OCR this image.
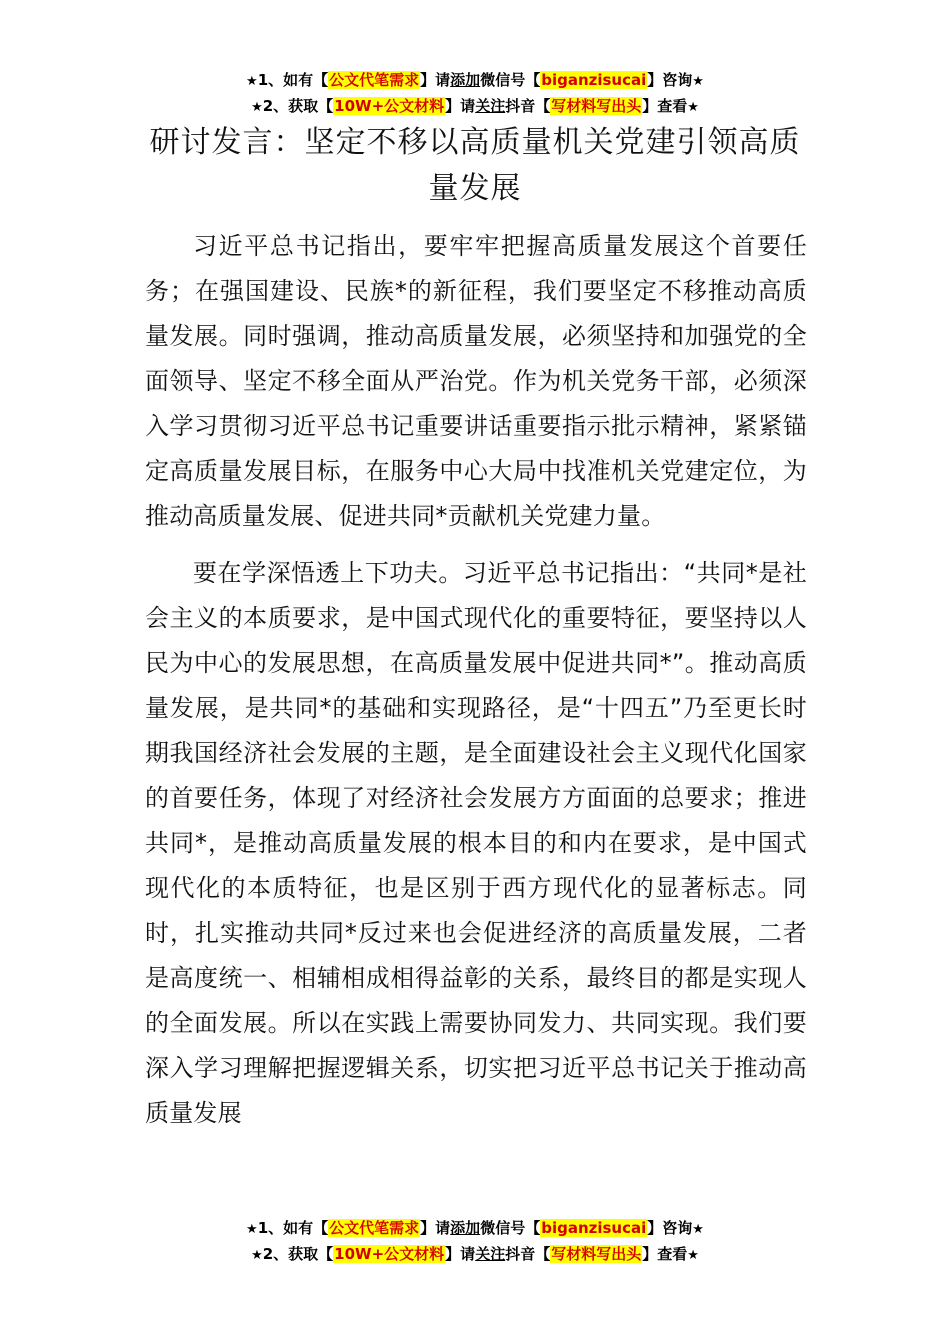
★1、如有【公文代笔需求】请添加微信号【biganzisucai】咨询★
★2、获取【10W+公文材料】请关注抖音【写材料写出头】查看★
研讨发言：坚定不移以高质量机关党建引领高质量发展

习近平总书记指出，要牢牢把握高质量发展这个首要任务；在强国建设、民族*的新征程，我们要坚定不移推动高质量发展。同时强调，推动高质量发展，必须坚持和加强党的全面领导、坚定不移全面从严治党。作为机关党务干部，必须深入学习贯彻习近平总书记重要讲话重要指示批示精神，紧紧锚定高质量发展目标，在服务中心大局中找准机关党建定位，为推动高质量发展、促进共同*贡献机关党建力量。

要在学深悟透上下功夫。习近平总书记指出：“共同*是社会主义的本质要求，是中国式现代化的重要特征，要坚持以人民为中心的发展思想，在高质量发展中促进共同*”。推动高质量发展，是共同*的基础和实现路径，是“十四五”乃至更长时期我国经济社会发展的主题，是全面建设社会主义现代化国家的首要任务，体现了对经济社会发展方方面面的总要求；推进共同*，是推动高质量发展的根本目的和内在要求，是中国式现代化的本质特征，也是区别于西方现代化的显著标志。同时，扎实推动共同*反过来也会促进经济的高质量发展，二者是高度统一、相辅相成相得益彰的关系，最终目的都是实现人的全面发展。所以在实践上需要协同发力、共同实现。我们要深入学习理解把握逻辑关系，切实把习近平总书记关于推动高质量发展

★1、如有【公文代笔需求】请添加微信号【biganzisucai】咨询★
★2、获取【10W+公文材料】请关注抖音【写材料写出头】查看★
